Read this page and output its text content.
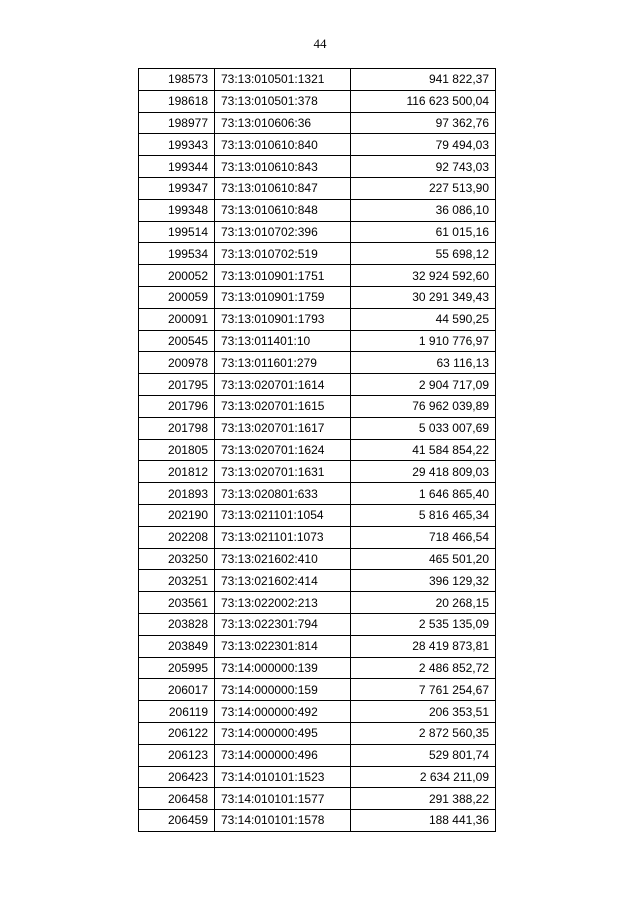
44
198573	73:13:010501:1321	941 822,37
198618	73:13:010501:378	116 623 500,04
198977	73:13:010606:36	97 362,76
199343	73:13:010610:840	79 494,03
199344	73:13:010610:843	92 743,03
199347	73:13:010610:847	227 513,90
199348	73:13:010610:848	36 086,10
199514	73:13:010702:396	61 015,16
199534	73:13:010702:519	55 698,12
200052	73:13:010901:1751	32 924 592,60
200059	73:13:010901:1759	30 291 349,43
200091	73:13:010901:1793	44 590,25
200545	73:13:011401:10	1 910 776,97
200978	73:13:011601:279	63 116,13
201795	73:13:020701:1614	2 904 717,09
201796	73:13:020701:1615	76 962 039,89
201798	73:13:020701:1617	5 033 007,69
201805	73:13:020701:1624	41 584 854,22
201812	73:13:020701:1631	29 418 809,03
201893	73:13:020801:633	1 646 865,40
202190	73:13:021101:1054	5 816 465,34
202208	73:13:021101:1073	718 466,54
203250	73:13:021602:410	465 501,20
203251	73:13:021602:414	396 129,32
203561	73:13:022002:213	20 268,15
203828	73:13:022301:794	2 535 135,09
203849	73:13:022301:814	28 419 873,81
205995	73:14:000000:139	2 486 852,72
206017	73:14:000000:159	7 761 254,67
206119	73:14:000000:492	206 353,51
206122	73:14:000000:495	2 872 560,35
206123	73:14:000000:496	529 801,74
206423	73:14:010101:1523	2 634 211,09
206458	73:14:010101:1577	291 388,22
206459	73:14:010101:1578	188 441,36
